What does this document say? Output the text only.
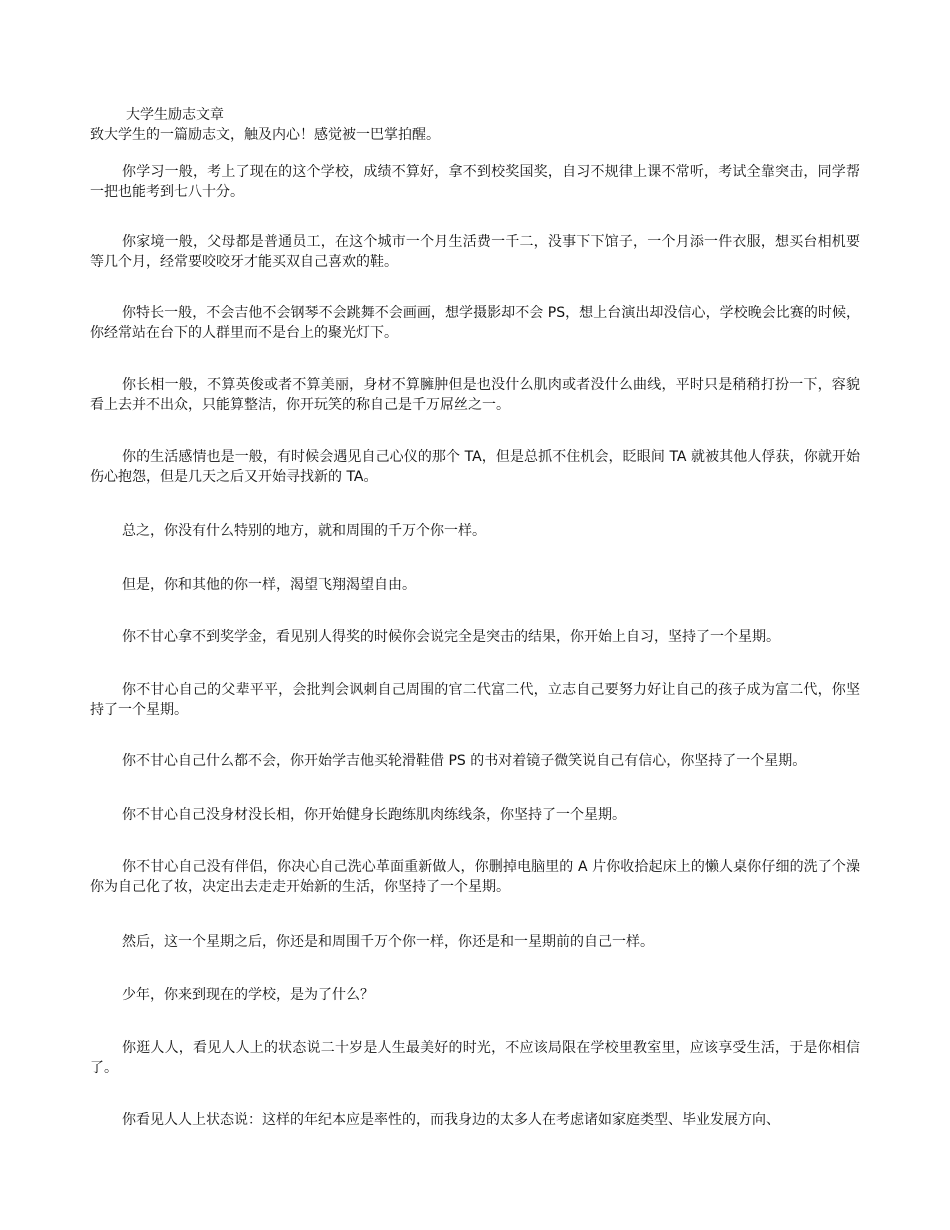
大学生励志文章
致大学生的一篇励志文，触及内心！感觉被一巴掌拍醒。

你学习一般，考上了现在的这个学校，成绩不算好，拿不到校奖国奖，自习不规律上课不常听，考试全靠突击，同学帮一把也能考到七八十分。

你家境一般，父母都是普通员工，在这个城市一个月生活费一千二，没事下下馆子，一个月添一件衣服，想买台相机要等几个月，经常要咬咬牙才能买双自己喜欢的鞋。

你特长一般，不会吉他不会钢琴不会跳舞不会画画，想学摄影却不会 PS，想上台演出却没信心，学校晚会比赛的时候，你经常站在台下的人群里而不是台上的聚光灯下。

你长相一般，不算英俊或者不算美丽，身材不算臃肿但是也没什么肌肉或者没什么曲线，平时只是稍稍打扮一下，容貌看上去并不出众，只能算整洁，你开玩笑的称自己是千万屌丝之一。

你的生活感情也是一般，有时候会遇见自己心仪的那个 TA，但是总抓不住机会，眨眼间 TA 就被其他人俘获，你就开始伤心抱怨，但是几天之后又开始寻找新的 TA。

总之，你没有什么特别的地方，就和周围的千万个你一样。

但是，你和其他的你一样，渴望飞翔渴望自由。

你不甘心拿不到奖学金，看见别人得奖的时候你会说完全是突击的结果，你开始上自习，坚持了一个星期。

你不甘心自己的父辈平平，会批判会讽刺自己周围的官二代富二代，立志自己要努力好让自己的孩子成为富二代，你坚持了一个星期。

你不甘心自己什么都不会，你开始学吉他买轮滑鞋借 PS 的书对着镜子微笑说自己有信心，你坚持了一个星期。

你不甘心自己没身材没长相，你开始健身长跑练肌肉练线条，你坚持了一个星期。

你不甘心自己没有伴侣，你决心自己洗心革面重新做人，你删掉电脑里的 A 片你收拾起床上的懒人桌你仔细的洗了个澡你为自己化了妆，决定出去走走开始新的生活，你坚持了一个星期。

然后，这一个星期之后，你还是和周围千万个你一样，你还是和一星期前的自己一样。

少年，你来到现在的学校，是为了什么？

你逛人人，看见人人上的状态说二十岁是人生最美好的时光，不应该局限在学校里教室里，应该享受生活，于是你相信了。

你看见人人上状态说：这样的年纪本应是率性的，而我身边的太多人在考虑诸如家庭类型、毕业发展方向、
